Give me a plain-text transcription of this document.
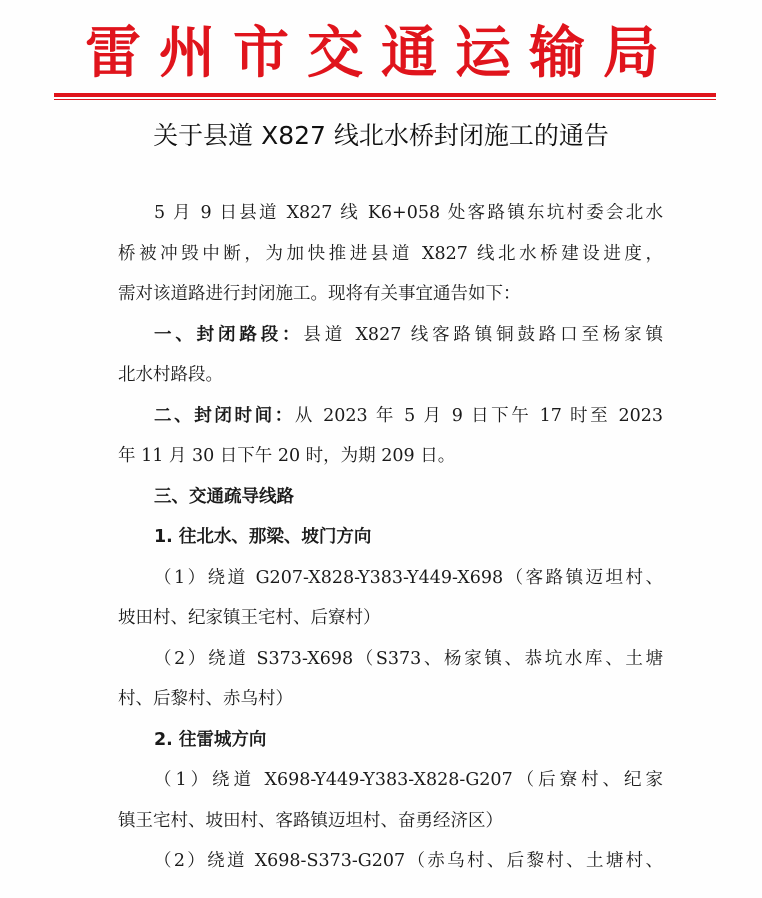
雷州市交通运输局
关于县道 X827 线北水桥封闭施工的通告
5 月 9 日县道 X827 线 K6+058 处客路镇东坑村委会北水
桥被冲毁中断，为加快推进县道 X827 线北水桥建设进度，
需对该道路进行封闭施工。现将有关事宜通告如下：
一、封闭路段：县道 X827 线客路镇铜鼓路口至杨家镇
北水村路段。
二、封闭时间：从 2023 年 5 月 9 日下午 17 时至 2023
年 11 月 30 日下午 20 时，为期 209 日。
三、交通疏导线路
1. 往北水、那梁、坡门方向
（1）绕道 G207-X828-Y383-Y449-X698（客路镇迈坦村、
坡田村、纪家镇王宅村、后寮村）
（2）绕道 S373-X698（S373、杨家镇、恭坑水库、土塘
村、后黎村、赤乌村）
2. 往雷城方向
（1）绕道 X698-Y449-Y383-X828-G207（后寮村、纪家
镇王宅村、坡田村、客路镇迈坦村、奋勇经济区）
（2）绕道 X698-S373-G207（赤乌村、后黎村、土塘村、
